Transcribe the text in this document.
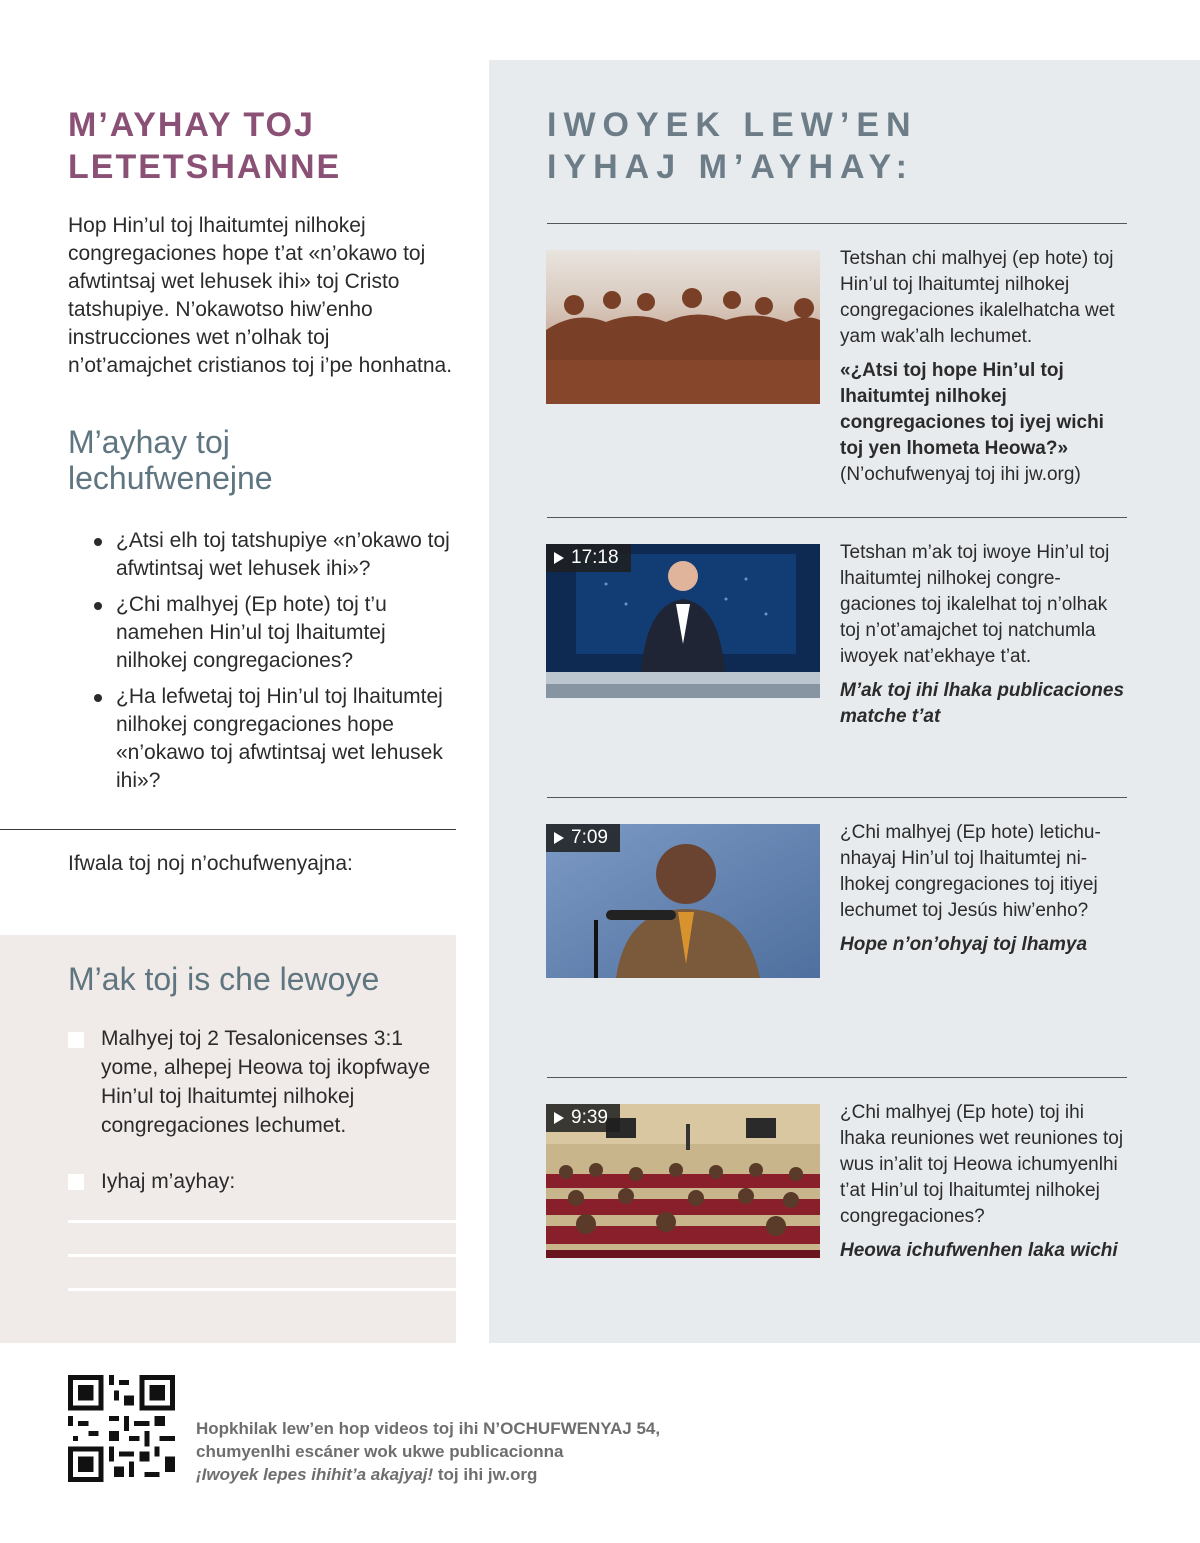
M’AYHAY TOJ
LETETSHANNE

Hop Hin’ul toj lhaitumtej nilhokej congregaciones hope t’at «n’okawo toj afwtintsaj wet lehusek ihi» toj Cristo tatshupiye. N’okawotso hiw’enho instrucciones wet n’olhak toj n’ot’amajchet cristianos toj i’pe honhatna.

M’ayhay toj
lechufwenejne
¿Atsi elh toj tatshupiye «n’okawo toj afwtintsaj wet lehusek ihi»?
¿Chi malhyej (Ep hote) toj t’u namehen Hin’ul toj lhaitumtej nilhokej congregaciones?
¿Ha lefwetaj toj Hin’ul toj lhaitumtej nilhokej congregaciones hope «n’okawo toj afwtintsaj wet lehusek ihi»?
Ifwala toj noj n’ochufwenyajna:
M’ak toj is che lewoye

Malhyej toj 2 Tesalonicenses 3:1 yome, alhepej Heowa toj ikopfwaye Hin’ul toj lhaitumtej nilhokej congregaciones lechumet.

Iyhaj m’ayhay:

IWOYEK LEW’EN
IYHAJ M’AYHAY:

Tetshan chi malhyej (ep hote) toj Hin’ul toj lhaitumtej nilhokej congregaciones ikalelhatcha wet yam wak’alh lechumet.

«¿Atsi toj hope Hin’ul toj lhaitumtej nilhokej congregaciones toj iyej wichi toj yen lhometa Heowa?»
(N’ochufwenyaj toj ihi jw.org)

17:18	Tetshan m’ak toj iwoye Hin’ul toj lhaitumtej nilhokej congregaciones toj ikalelhat toj n’olhak toj n’ot’amajchet toj natchumla iwoyek nat’ekhaye t’at.

M’ak toj ihi lhaka publicaciones matche t’at

7:09	¿Chi malhyej (Ep hote) letichunhayaj Hin’ul toj lhaitumtej nilhokej congregaciones toj itiyej lechumet toj Jesús hiw’enho?

Hope n’on’ohyaj toj lhamya

9:39	¿Chi malhyej (Ep hote) toj ihi lhaka reuniones wet reuniones toj wus in’alit toj Heowa ichumyenlhi t’at Hin’ul toj lhaitumtej nilhokej congregaciones?

Heowa ichufwenhen laka wichi

Hopkhilak lew’en hop videos toj ihi N’OCHUFWENYAJ 54,

chumyenlhi escáner wok ukwe publicacionna

¡Iwoyek lepes ihihit’a akajyaj! toj ihi jw.org
